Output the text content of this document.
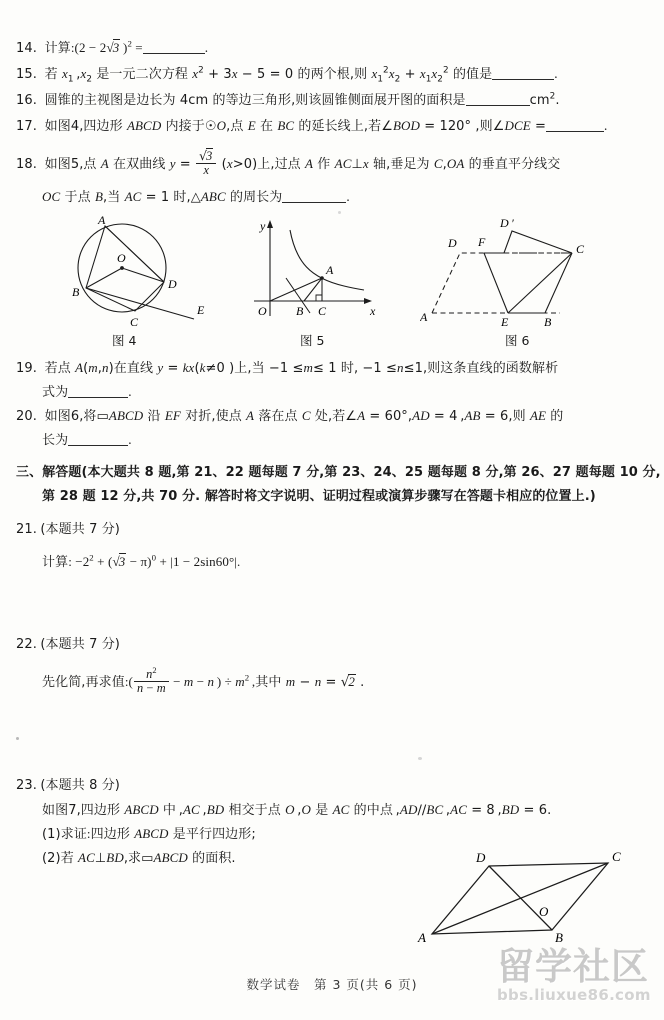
14.  计算:(2 − 2√3 )$^2$ =	.
15.  若 $x_1$ $,x_2$ 是一元二次方程 $x^2 + 3x - 5 = 0$ 的两个根,则 $x_1^2x_2 + x_1x_2^2$ 的值是	.
16.  圆锥的主视图是边长为 4cm 的等边三角形,则该圆锥侧面展开图的面积是	$cm^2$.
17.  如图4,四边形 ABCD 内接于☉O,点 E 在 BC 的延长线上,若∠BOD = 120° ,则∠DCE =	.
18.  如图5,点 A 在双曲线 $y = \frac{√3}{x} (x>0)$上,过点 A 作 AC⊥x 轴,垂足为 C,OA 的垂直平分线交
OC 于点 B,当 AC = 1 时,△ABC 的周长为	.
A
O
B
C
D
E
图 4
y
A
O B C	x
图 5
D ′
D F	C
A	E	B
图 6
19.  若点 A(m,n)在直线 y = kx(k≠0 )上,当 −1 ≤m≤ 1 时, −1 ≤n≤1,则这条直线的函数解析
式为	.
20.  如图6,将▭ABCD 沿 EF 对折,使点 A 落在点 C 处,若∠A = 60°,AD = 4 ,AB = 6,则 AE 的
长为	.
三、解答题(本大题共 8 题,第 21、22 题每题 7 分,第 23、24、25 题每题 8 分,第 26、27 题每题 10 分,
第 28 题 12 分,共 70 分. 解答时将文字说明、证明过程或演算步骤写在答题卡相应的位置上.)
21. (本题共 7 分)
计算: $-2^2 + (√3 - \pi)^0 + |1 - 2\sin 60^\circ|$.
22. (本题共 7 分)
先化简,再求值:( $\frac{n^2}{n - m} - m - n$ ) ÷ $m^2$ ,其中 m − n = √2 .
23. (本题共 8 分)
如图7,四边形 ABCD 中 ,AC ,BD 相交于点 O ,O 是 AC 的中点 ,AD∕∕BC ,AC = 8 ,BD = 6.
(1)求证:四边形 ABCD 是平行四边形;
(2)若 AC⊥BD,求▭ABCD 的面积.	D	C
O
A	B
留学社区
bbs.liuxue86.com
数学试卷　第 3 页(共 6 页)
